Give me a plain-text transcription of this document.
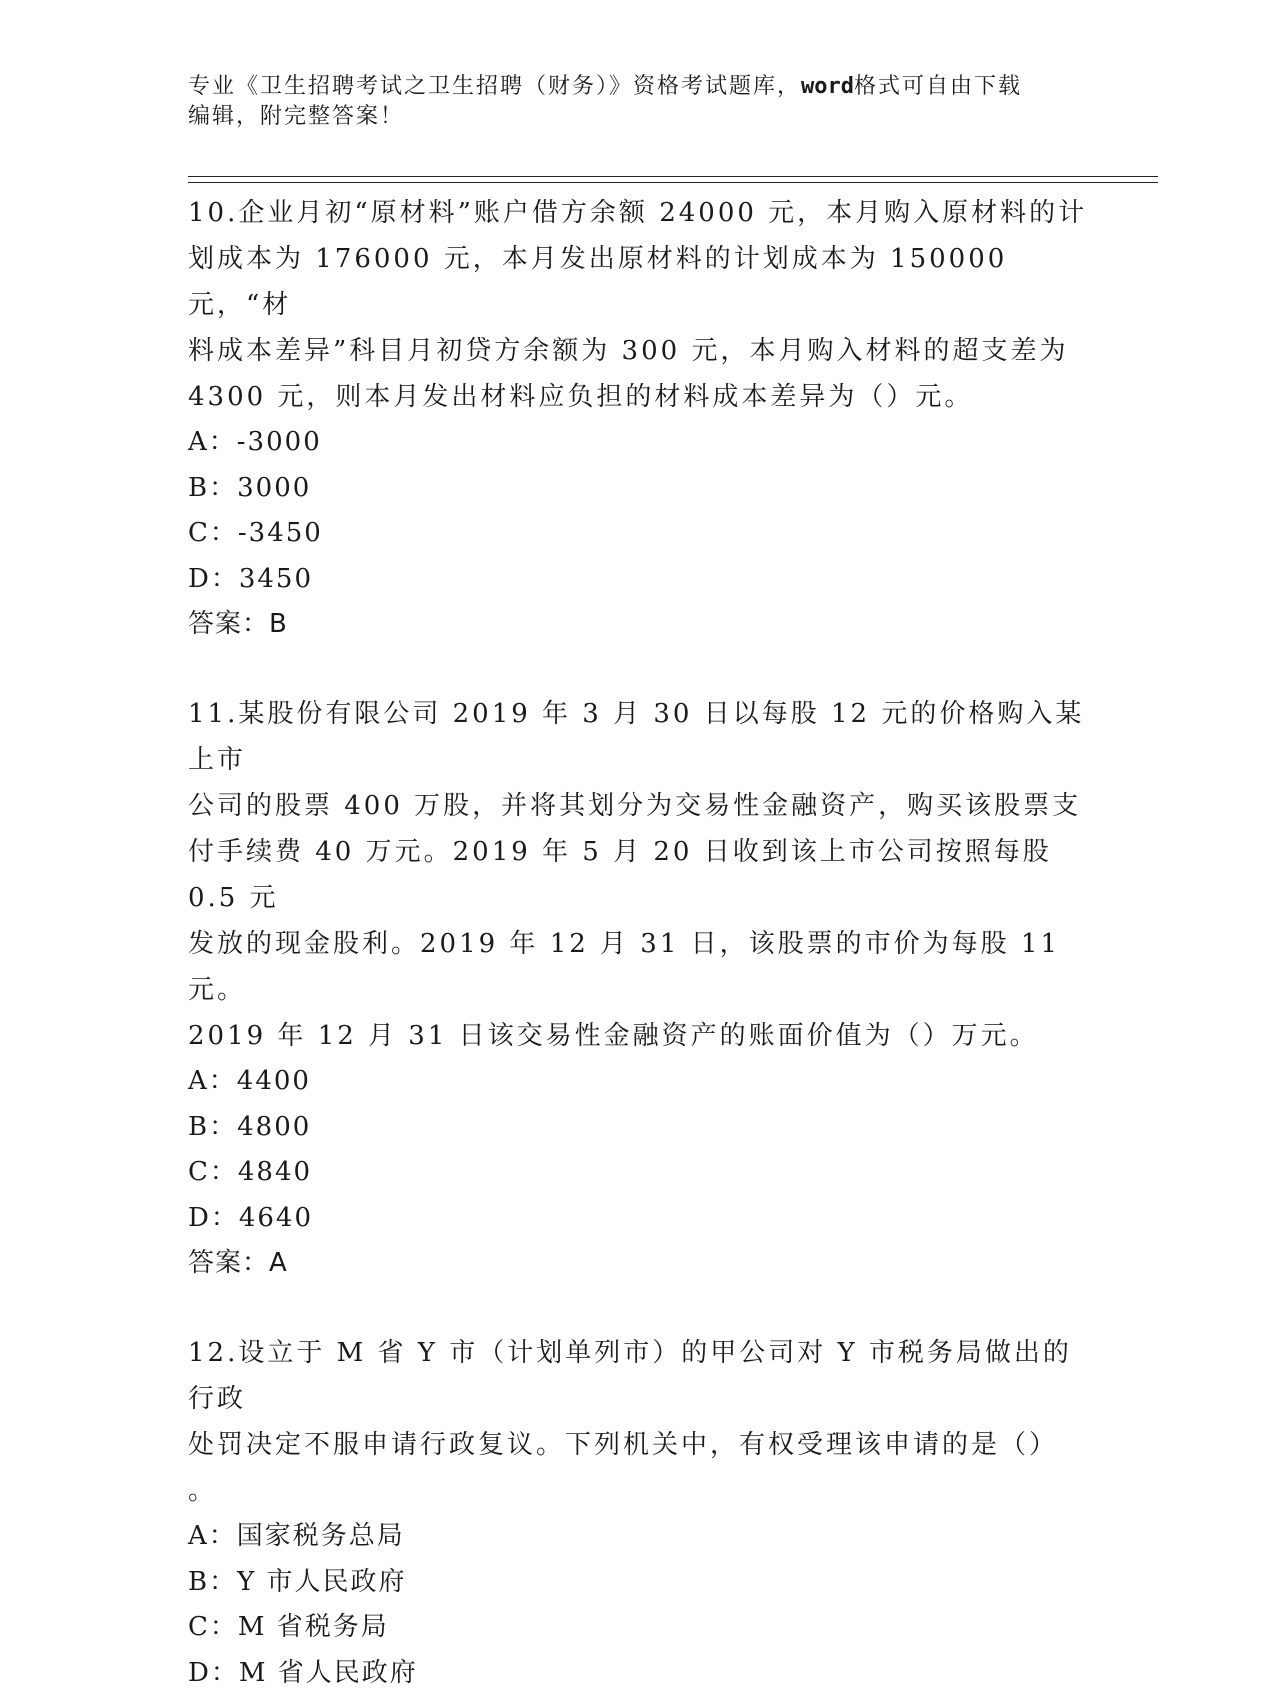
专业《卫生招聘考试之卫生招聘（财务）》资格考试题库，word格式可自由下载
编辑，附完整答案！
10.企业月初“原材料”账户借方余额 24000 元，本月购入原材料的计
划成本为 176000 元，本月发出原材料的计划成本为 150000 元，“材
料成本差异”科目月初贷方余额为 300 元，本月购入材料的超支差为
4300 元，则本月发出材料应负担的材料成本差异为（）元。
A：-3000
B：3000
C：-3450
D：3450
答案：B
11.某股份有限公司 2019 年 3 月 30 日以每股 12 元的价格购入某上市
公司的股票 400 万股，并将其划分为交易性金融资产，购买该股票支
付手续费 40 万元。2019 年 5 月 20 日收到该上市公司按照每股 0.5 元
发放的现金股利。2019 年 12 月 31 日，该股票的市价为每股 11 元。
2019 年 12 月 31 日该交易性金融资产的账面价值为（）万元。
A：4400
B：4800
C：4840
D：4640
答案：A
12.设立于 M 省 Y 市（计划单列市）的甲公司对 Y 市税务局做出的行政
处罚决定不服申请行政复议。下列机关中，有权受理该申请的是（）
。
A：国家税务总局
B：Y 市人民政府
C：M 省税务局
D：M 省人民政府
